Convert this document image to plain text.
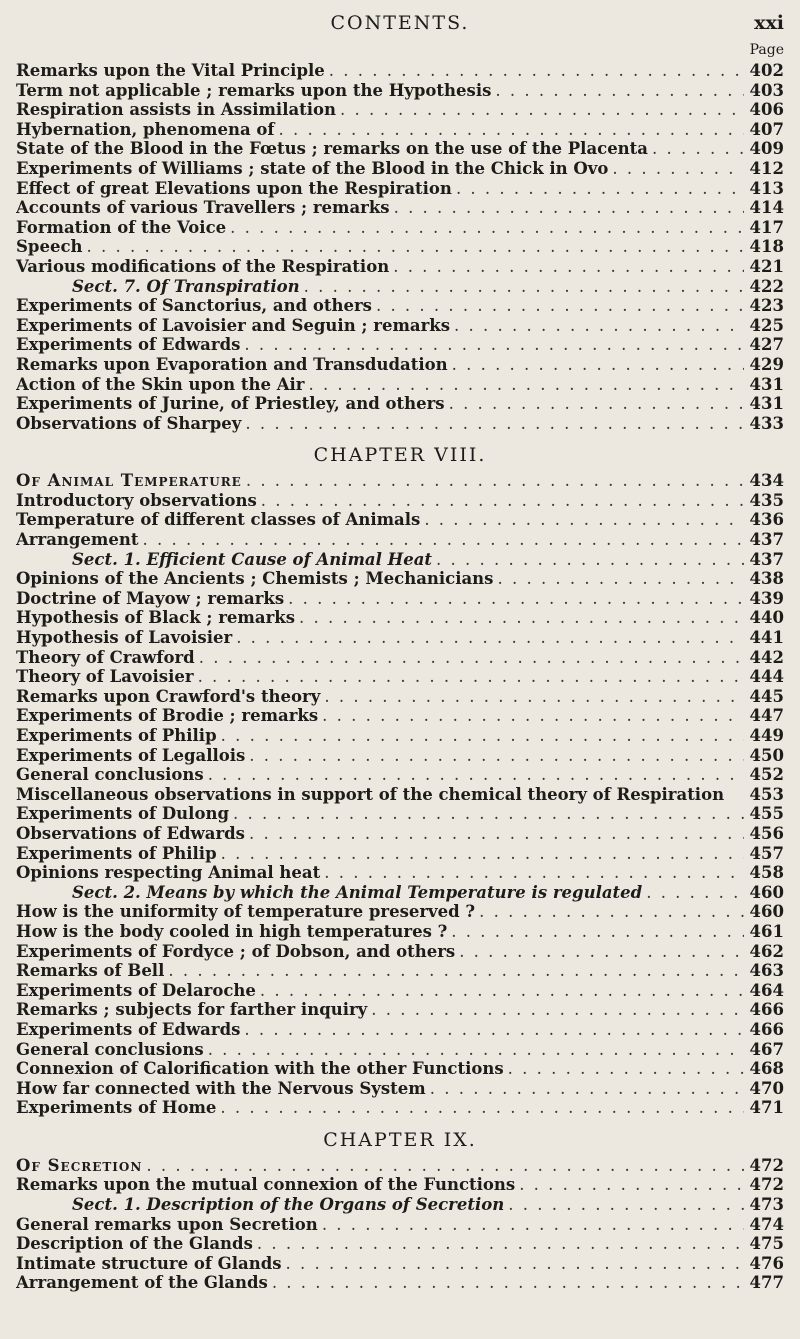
CONTENTS.	xxi
Page
Remarks upon the Vital Principle . . .	402
Term not applicable ; remarks upon the Hypothesis . . .	403
Respiration assists in Assimilation . . .	406
Hybernation, phenomena of . . .	407
State of the Blood in the Fœtus ; remarks on the use of the Placenta . . .	409
Experiments of Williams ; state of the Blood in the Chick in Ovo . . .	412
Effect of great Elevations upon the Respiration . . .	413
Accounts of various Travellers ; remarks . . .	414
Formation of the Voice . . .	417
Speech . . .	418
Various modifications of the Respiration . . .	421
Sect. 7. Of Transpiration . . .	422
Experiments of Sanctorius, and others . . .	423
Experiments of Lavoisier and Seguin ; remarks . . .	425
Experiments of Edwards . . .	427
Remarks upon Evaporation and Transdudation . . .	429
Action of the Skin upon the Air . . .	431
Experiments of Jurine, of Priestley, and others . . .	431
Observations of Sharpey . . .	433
CHAPTER VIII.
Of Animal Temperature . . .	434
Introductory observations . . .	435
Temperature of different classes of Animals . . .	436
Arrangement . . .	437
Sect. 1. Efficient Cause of Animal Heat . . .	437
Opinions of the Ancients ; Chemists ; Mechanicians . . .	438
Doctrine of Mayow ; remarks . . .	439
Hypothesis of Black ; remarks . . .	440
Hypothesis of Lavoisier . . .	441
Theory of Crawford . . .	442
Theory of Lavoisier . . .	444
Remarks upon Crawford's theory . . .	445
Experiments of Brodie ; remarks . . .	447
Experiments of Philip . . .	449
Experiments of Legallois . . .	450
General conclusions . . .	452
Miscellaneous observations in support of the chemical theory of Respiration	453
Experiments of Dulong . . .	455
Observations of Edwards . . .	456
Experiments of Philip . . .	457
Opinions respecting Animal heat . . .	458
Sect. 2. Means by which the Animal Temperature is regulated . . .	460
How is the uniformity of temperature preserved ? . . .	460
How is the body cooled in high temperatures ? . . .	461
Experiments of Fordyce ; of Dobson, and others . . .	462
Remarks of Bell . . .	463
Experiments of Delaroche . . .	464
Remarks ; subjects for farther inquiry . . .	466
Experiments of Edwards . . .	466
General conclusions . . .	467
Connexion of Calorification with the other Functions . . .	468
How far connected with the Nervous System . . .	470
Experiments of Home . . .	471
CHAPTER IX.
Of Secretion . . .	472
Remarks upon the mutual connexion of the Functions . . .	472
Sect. 1. Description of the Organs of Secretion . . .	473
General remarks upon Secretion . . .	474
Description of the Glands . . .	475
Intimate structure of Glands . . .	476
Arrangement of the Glands . . .	477
